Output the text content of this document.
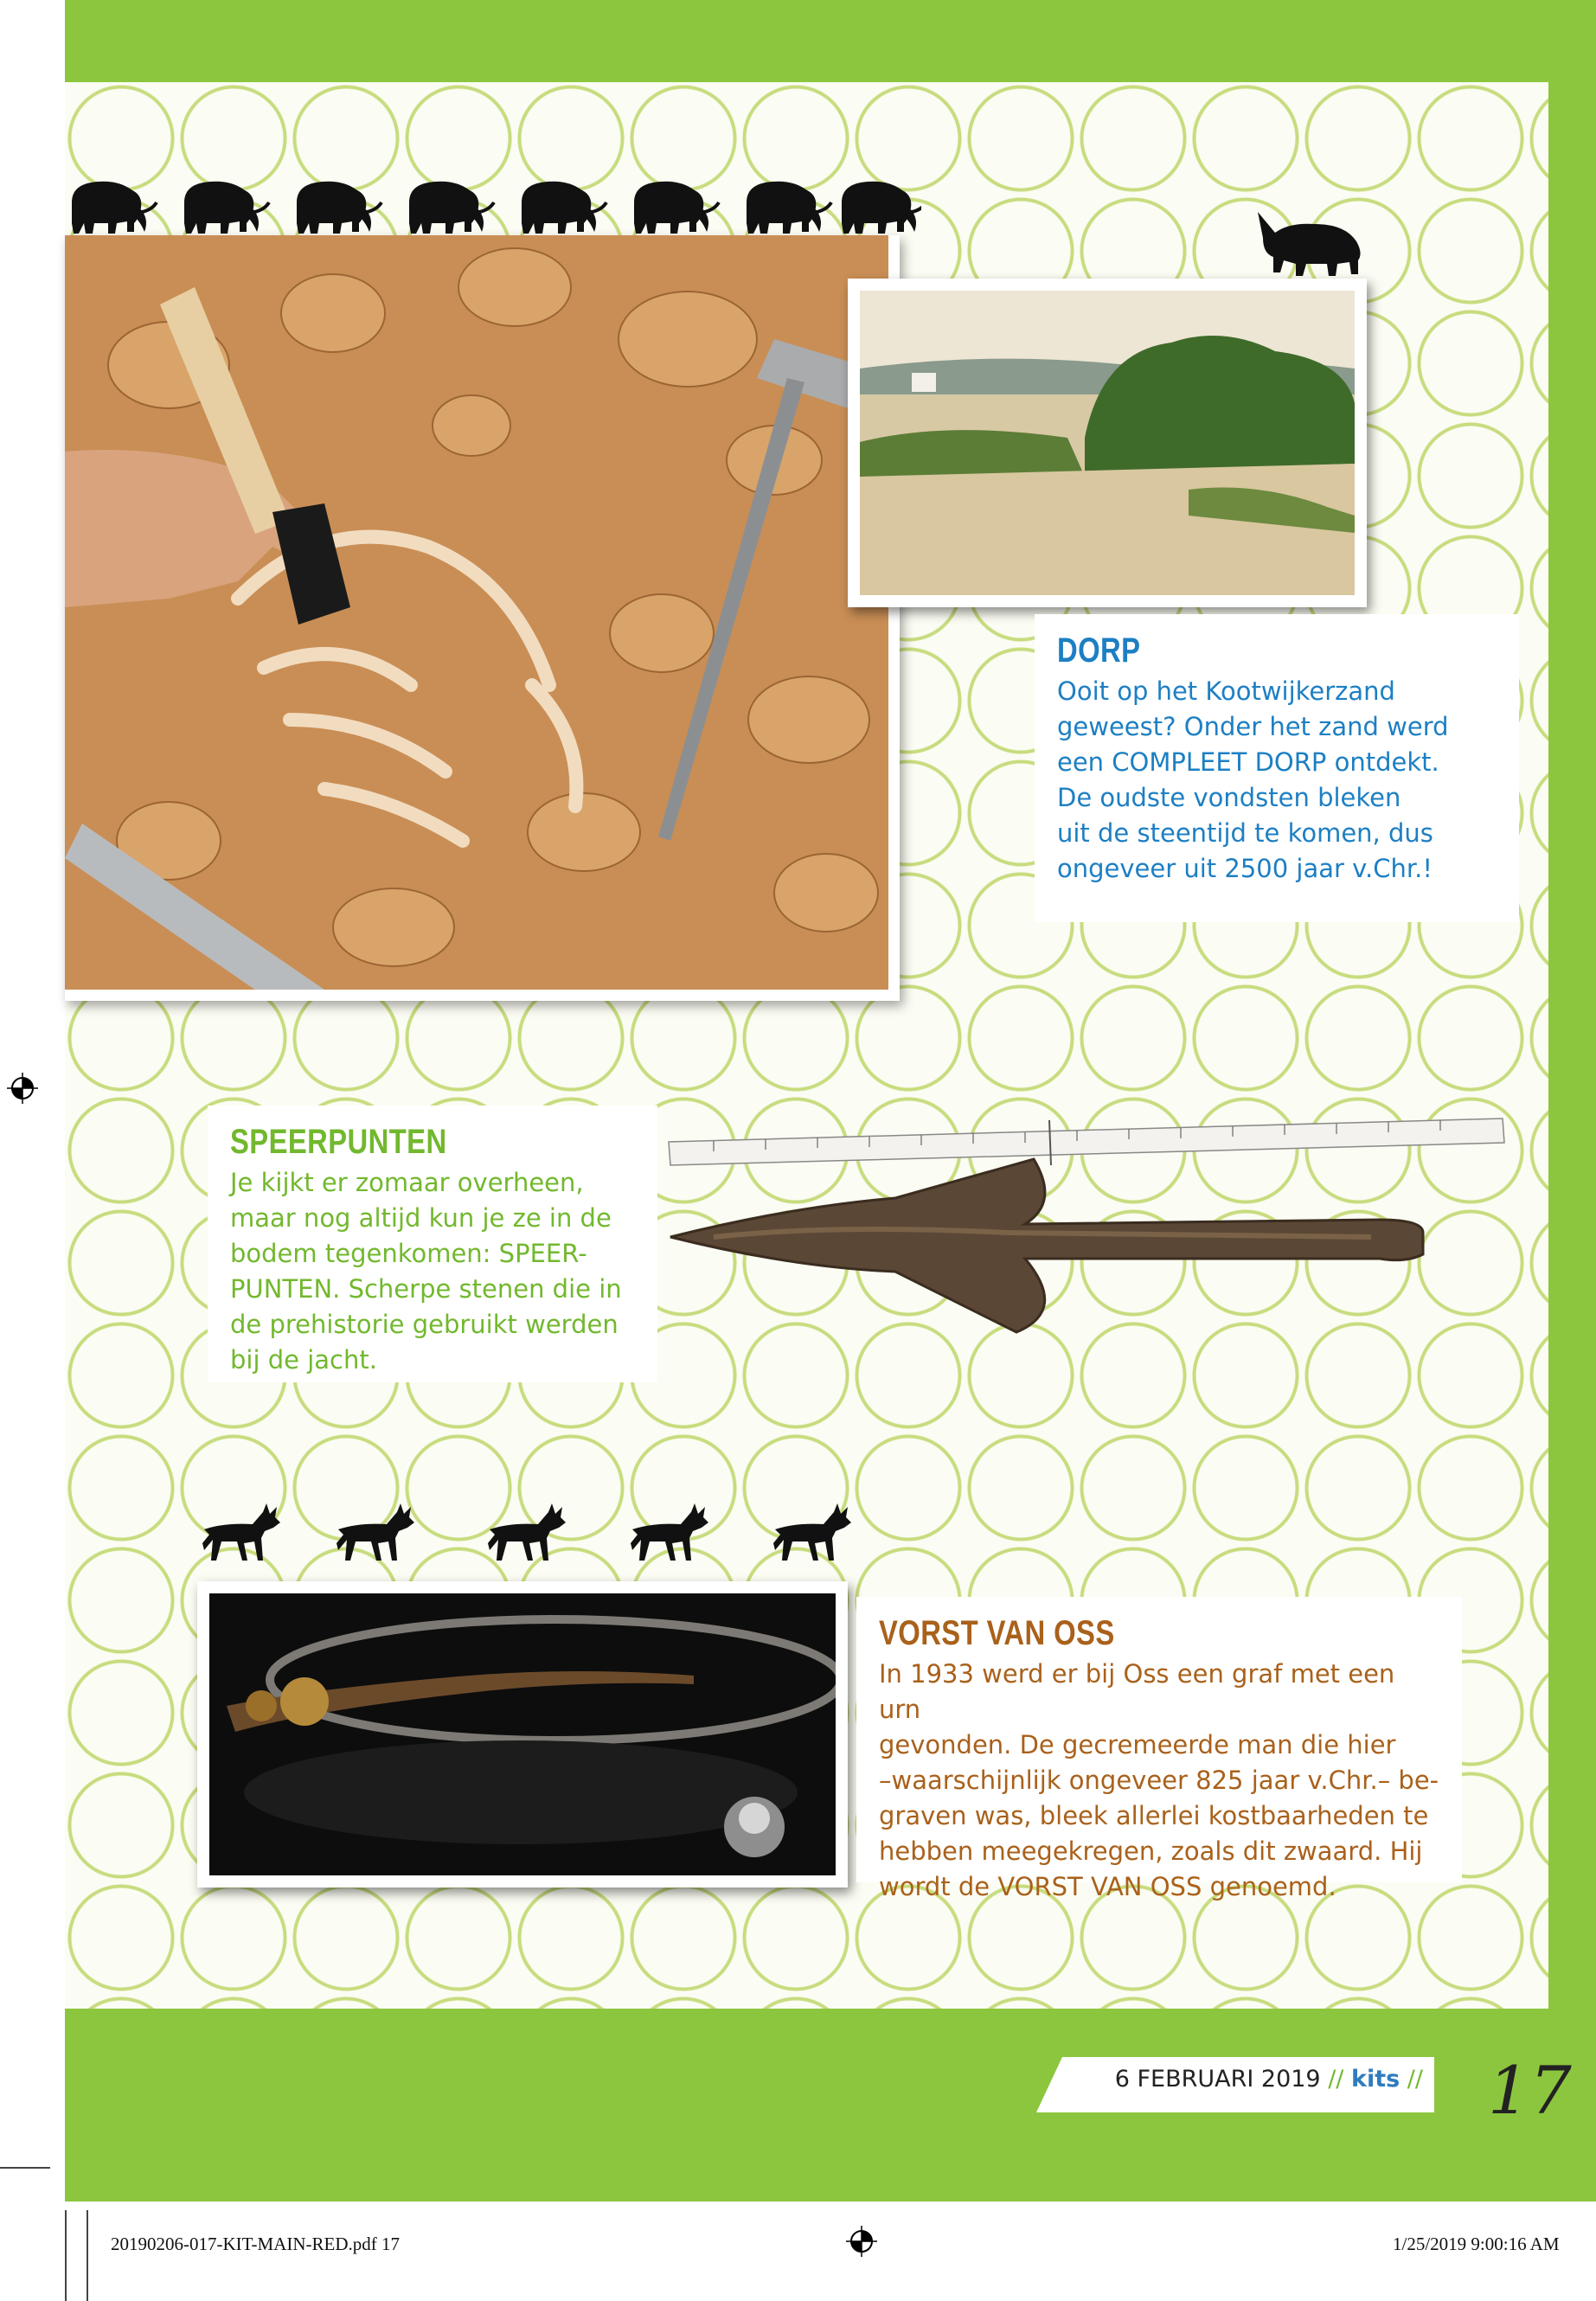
DORP
Ooit op het Kootwijkerzand
geweest? Onder het zand werd
een COMPLEET DORP ontdekt.
De oudste vondsten bleken
uit de steentijd te komen, dus
ongeveer uit 2500 jaar v.Chr.!
SPEERPUNTEN
Je kijkt er zomaar overheen,
maar nog altijd kun je ze in de
bodem tegenkomen: SPEER-
PUNTEN. Scherpe stenen die in
de prehistorie gebruikt werden
bij de jacht.
VORST VAN OSS
In 1933 werd er bij Oss een graf met een urn
gevonden. De gecremeerde man die hier
–waarschijnlijk ongeveer 825 jaar v.Chr.– be-
graven was, bleek allerlei kostbaarheden te
hebben meegekregen, zoals dit zwaard. Hij
wordt de VORST VAN OSS genoemd.
6 FEBRUARI 2019 // kits // 17
20190206-017-KIT-MAIN-RED.pdf 17	1/25/2019 9:00:16 AM
